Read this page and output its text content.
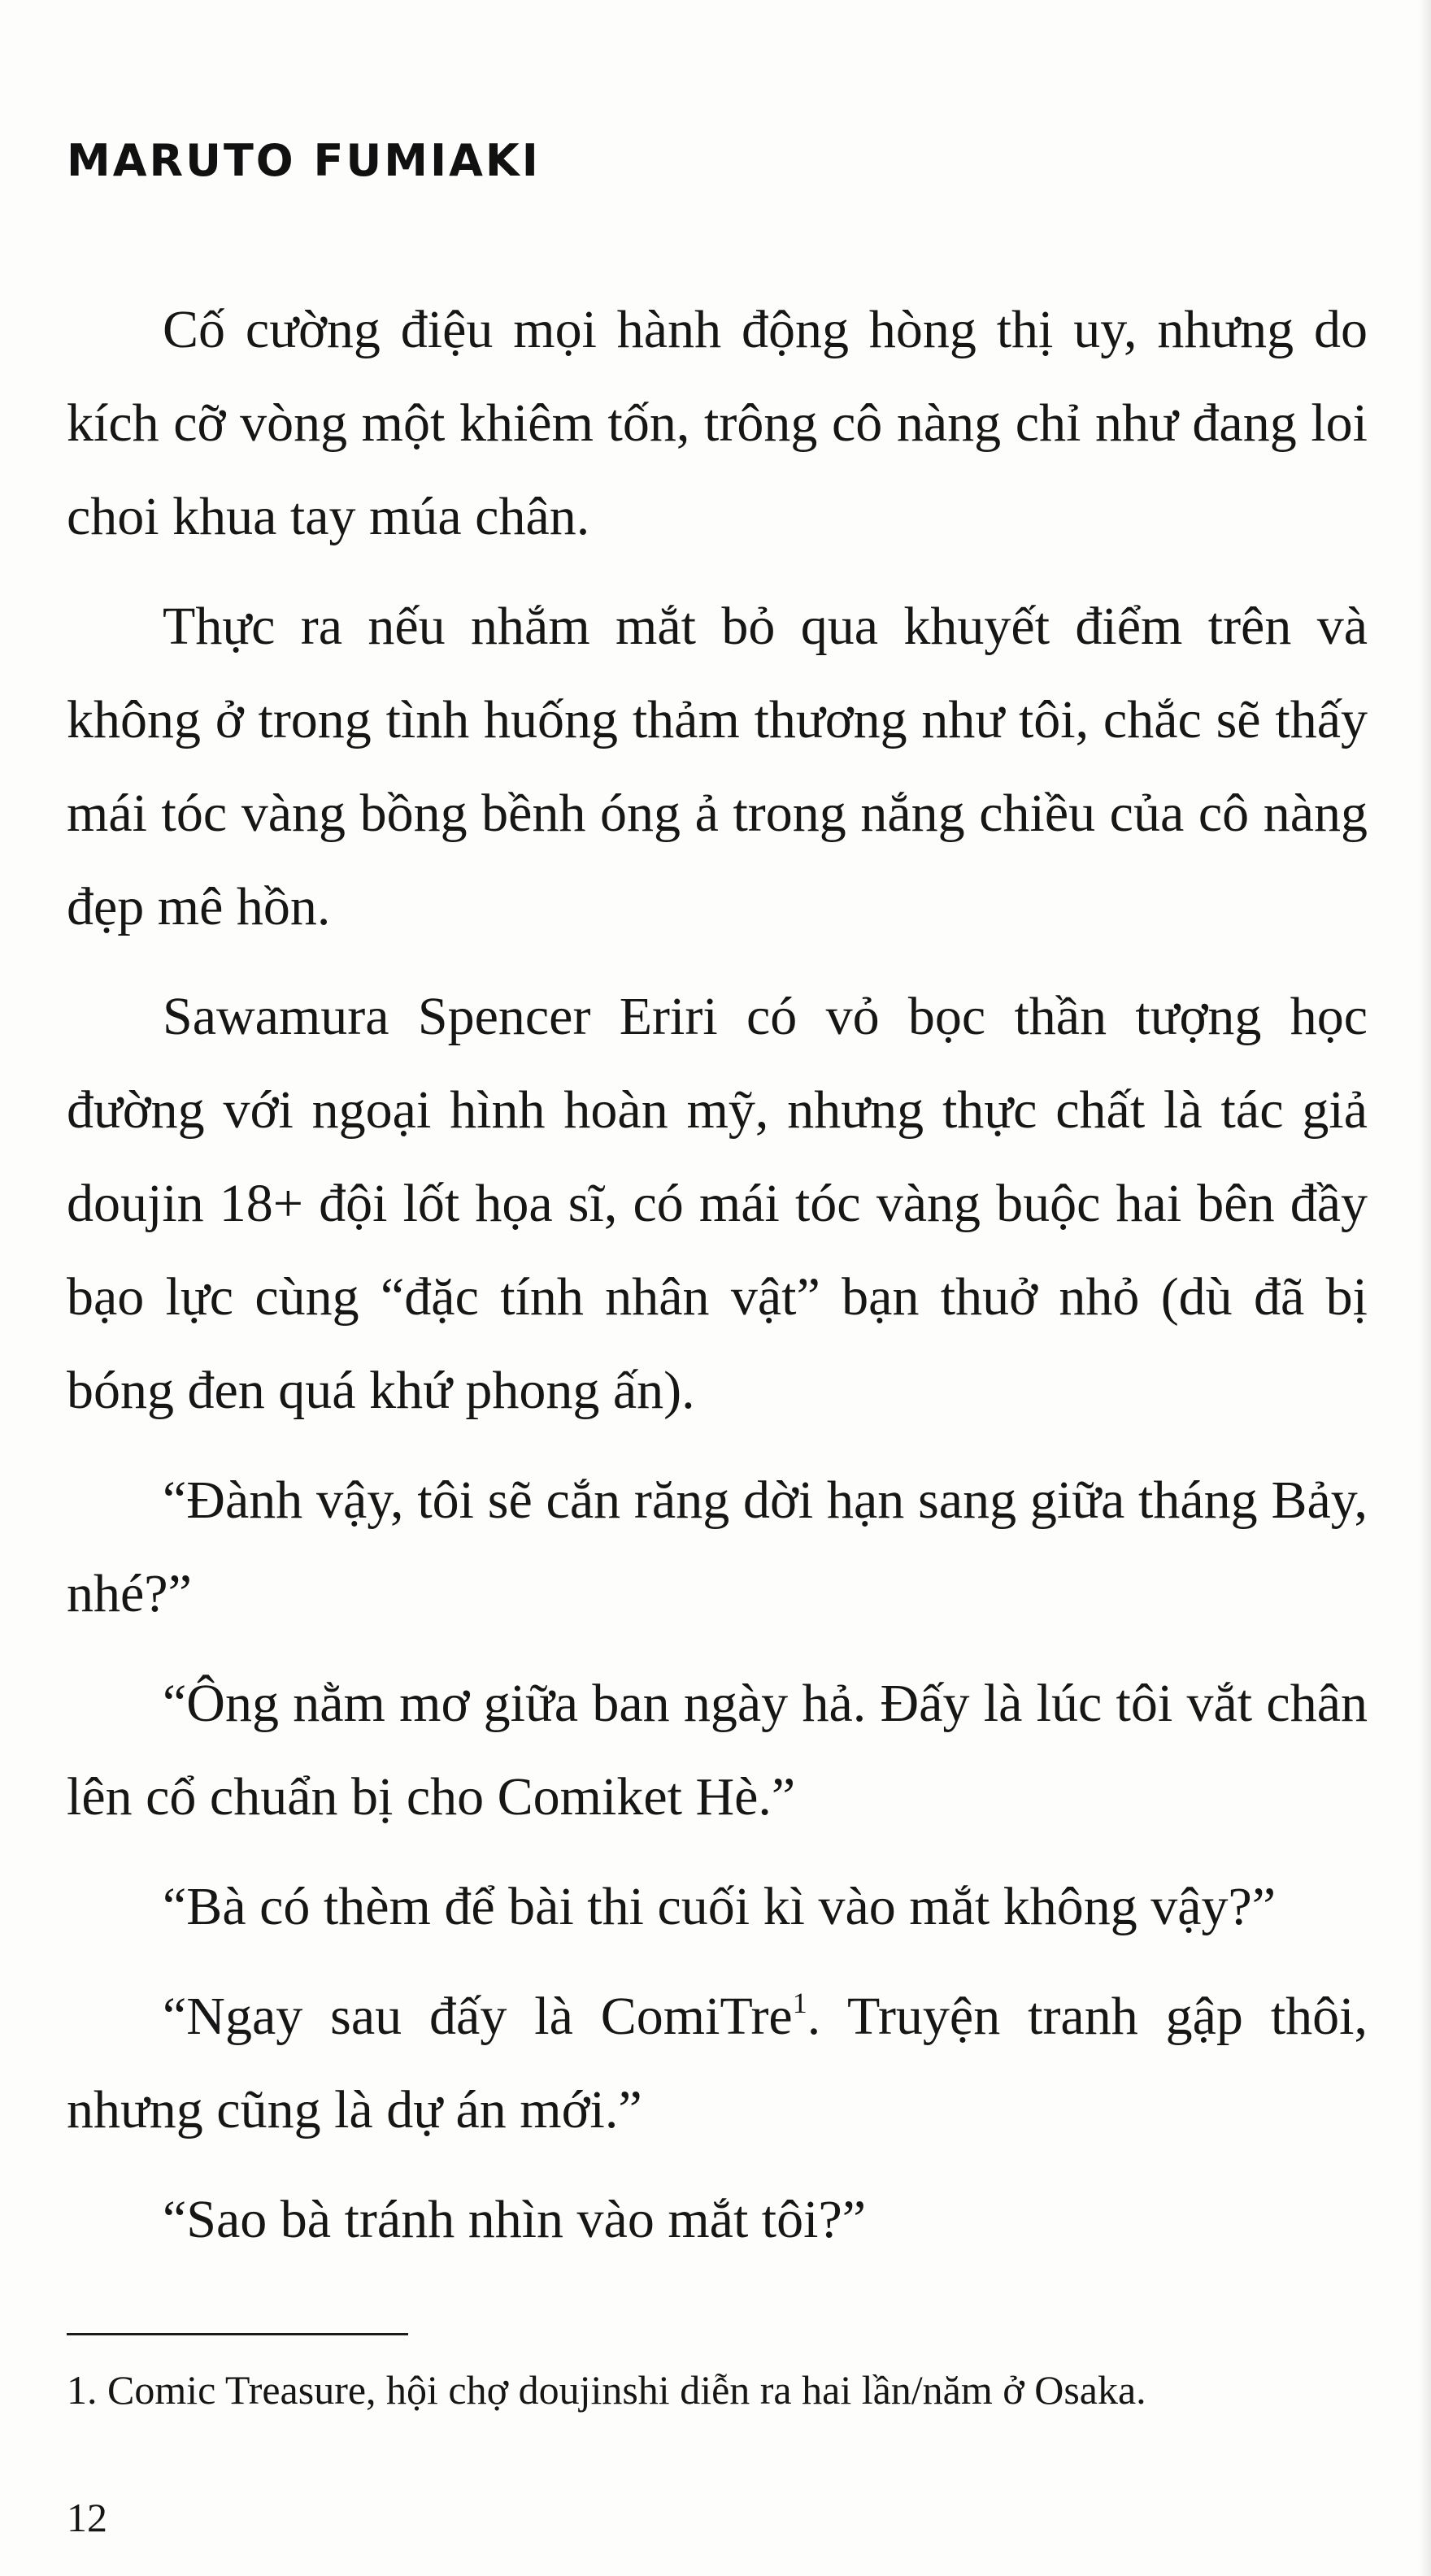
MARUTO FUMIAKI

Cố cường điệu mọi hành động hòng thị uy, nhưng do kích cỡ vòng một khiêm tốn, trông cô nàng chỉ như đang loi choi khua tay múa chân.

Thực ra nếu nhắm mắt bỏ qua khuyết điểm trên và không ở trong tình huống thảm thương như tôi, chắc sẽ thấy mái tóc vàng bồng bềnh óng ả trong nắng chiều của cô nàng đẹp mê hồn.

Sawamura Spencer Eriri có vỏ bọc thần tượng học đường với ngoại hình hoàn mỹ, nhưng thực chất là tác giả doujin 18+ đội lốt họa sĩ, có mái tóc vàng buộc hai bên đầy bạo lực cùng “đặc tính nhân vật” bạn thuở nhỏ (dù đã bị bóng đen quá khứ phong ấn).

“Đành vậy, tôi sẽ cắn răng dời hạn sang giữa tháng Bảy, nhé?”

“Ông nằm mơ giữa ban ngày hả. Đấy là lúc tôi vắt chân lên cổ chuẩn bị cho Comiket Hè.”

“Bà có thèm để bài thi cuối kì vào mắt không vậy?”

“Ngay sau đấy là ComiTre$^1$. Truyện tranh gập thôi, nhưng cũng là dự án mới.”

“Sao bà tránh nhìn vào mắt tôi?”

1. Comic Treasure, hội chợ doujinshi diễn ra hai lần/năm ở Osaka.
12
